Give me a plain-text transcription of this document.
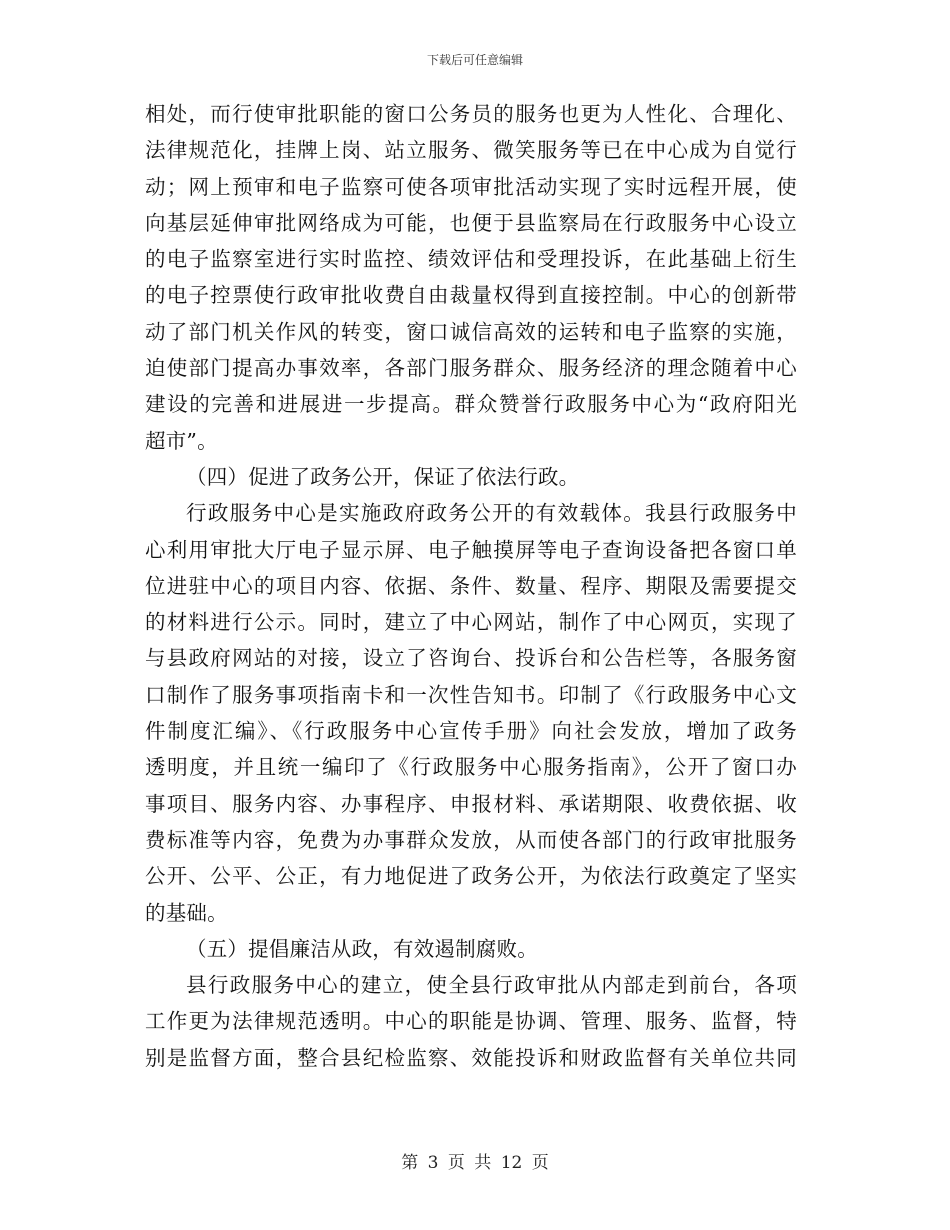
下载后可任意编辑
相处，而行使审批职能的窗口公务员的服务也更为人性化、合理化、
法律规范化，挂牌上岗、站立服务、微笑服务等已在中心成为自觉行
动；网上预审和电子监察可使各项审批活动实现了实时远程开展，使
向基层延伸审批网络成为可能，也便于县监察局在行政服务中心设立
的电子监察室进行实时监控、绩效评估和受理投诉，在此基础上衍生
的电子控票使行政审批收费自由裁量权得到直接控制。中心的创新带
动了部门机关作风的转变，窗口诚信高效的运转和电子监察的实施，
迫使部门提高办事效率，各部门服务群众、服务经济的理念随着中心
建设的完善和进展进一步提高。群众赞誉行政服务中心为“政府阳光
超市”。
（四）促进了政务公开，保证了依法行政。
行政服务中心是实施政府政务公开的有效载体。我县行政服务中
心利用审批大厅电子显示屏、电子触摸屏等电子查询设备把各窗口单
位进驻中心的项目内容、依据、条件、数量、程序、期限及需要提交
的材料进行公示。同时，建立了中心网站，制作了中心网页，实现了
与县政府网站的对接，设立了咨询台、投诉台和公告栏等，各服务窗
口制作了服务事项指南卡和一次性告知书。印制了《行政服务中心文
件制度汇编》、《行政服务中心宣传手册》向社会发放，增加了政务
透明度，并且统一编印了《行政服务中心服务指南》，公开了窗口办
事项目、服务内容、办事程序、申报材料、承诺期限、收费依据、收
费标准等内容，免费为办事群众发放，从而使各部门的行政审批服务
公开、公平、公正，有力地促进了政务公开，为依法行政奠定了坚实
的基础。
（五）提倡廉洁从政，有效遏制腐败。
县行政服务中心的建立，使全县行政审批从内部走到前台，各项
工作更为法律规范透明。中心的职能是协调、管理、服务、监督，特
别是监督方面，整合县纪检监察、效能投诉和财政监督有关单位共同
第 3 页 共 12 页
